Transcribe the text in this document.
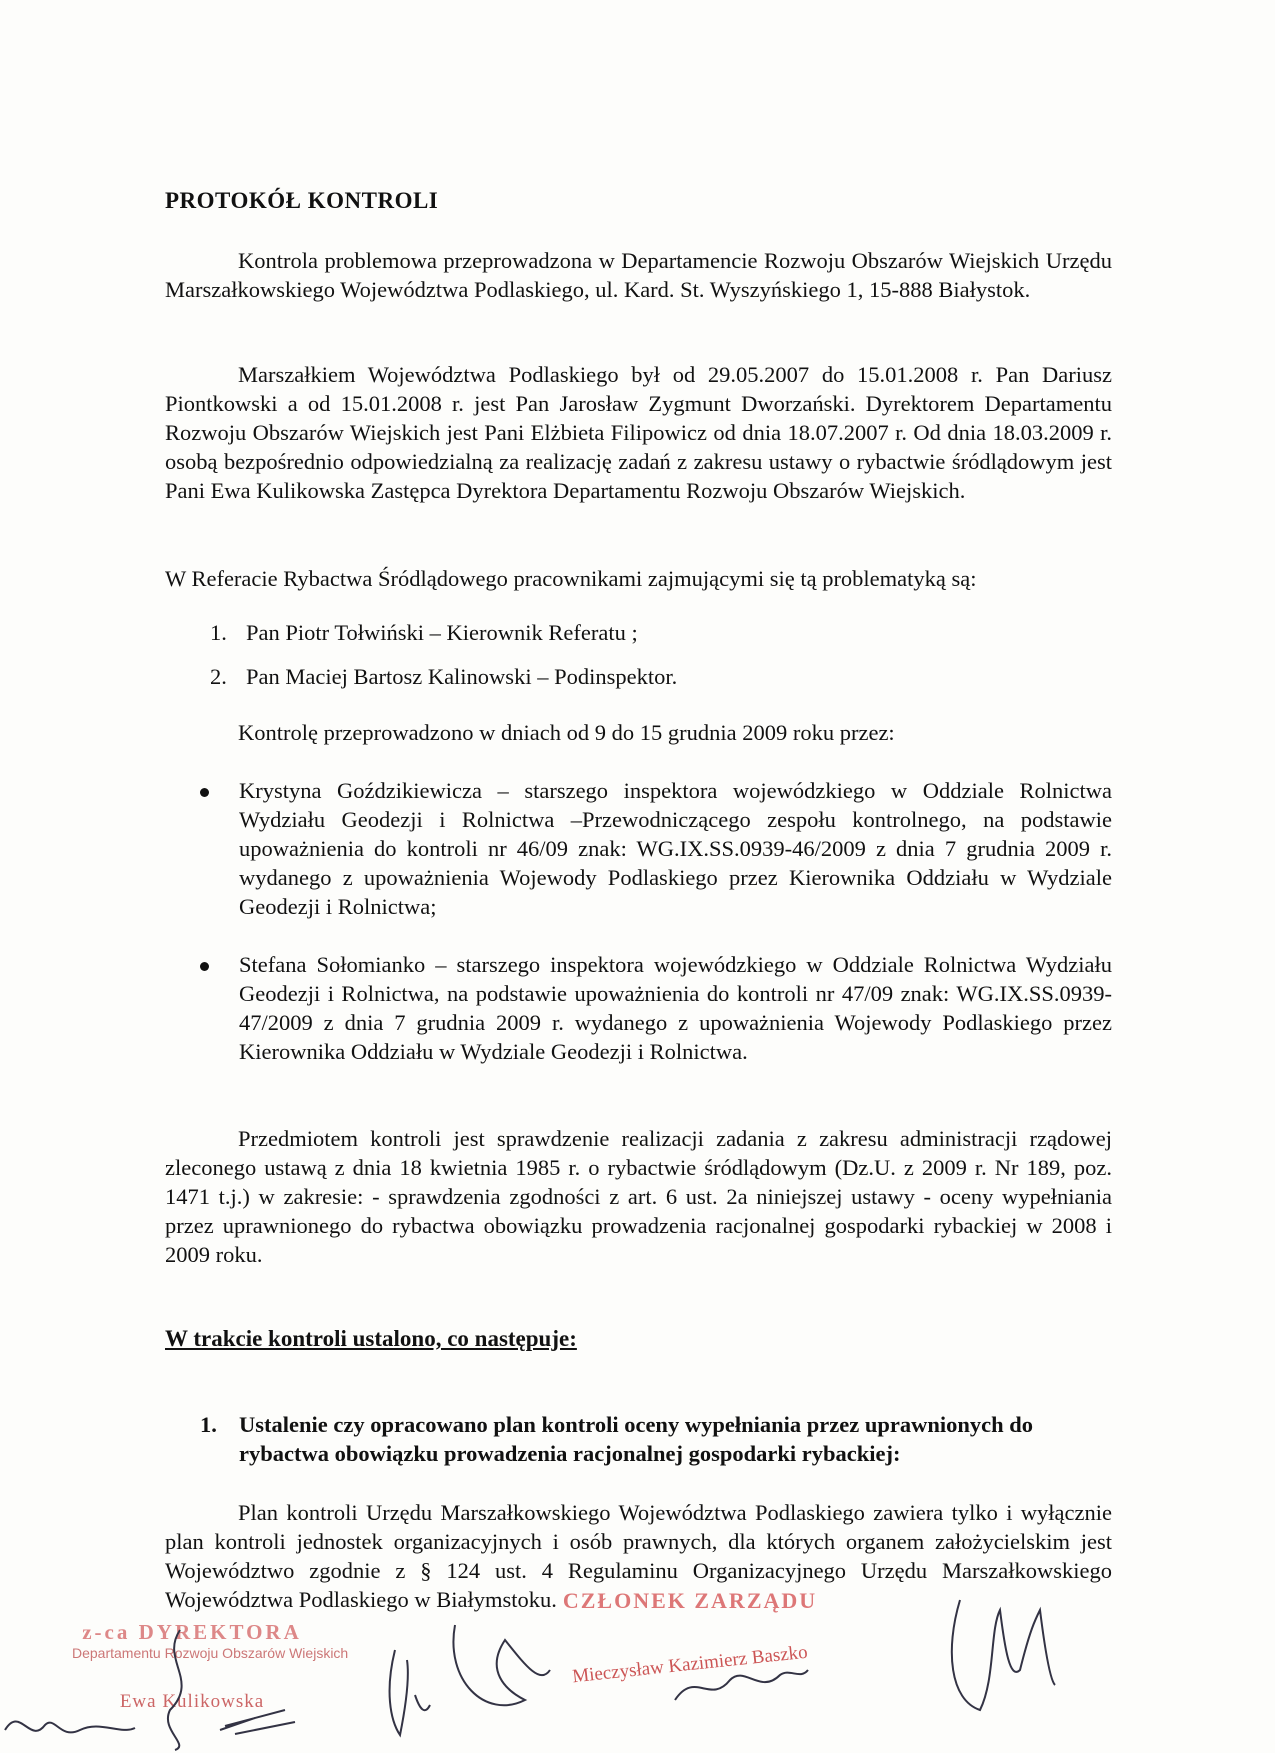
PROTOKÓŁ KONTROLI
Kontrola problemowa przeprowadzona w Departamencie Rozwoju Obszarów Wiejskich Urzędu Marszałkowskiego Województwa Podlaskiego, ul. Kard. St. Wyszyńskiego 1, 15-888 Białystok.
Marszałkiem Województwa Podlaskiego był od 29.05.2007 do 15.01.2008 r. Pan Dariusz Piontkowski a od 15.01.2008 r. jest Pan Jarosław Zygmunt Dworzański. Dyrektorem Departamentu Rozwoju Obszarów Wiejskich jest Pani Elżbieta Filipowicz od dnia 18.07.2007 r. Od dnia 18.03.2009 r. osobą bezpośrednio odpowiedzialną za realizację zadań z zakresu ustawy o rybactwie śródlądowym jest Pani Ewa Kulikowska Zastępca Dyrektora Departamentu Rozwoju Obszarów Wiejskich.
W Referacie Rybactwa Śródlądowego pracownikami zajmującymi się tą problematyką są:
1. Pan Piotr Tołwiński – Kierownik Referatu ;
2. Pan Maciej Bartosz Kalinowski – Podinspektor.
Kontrolę przeprowadzono w dniach od 9 do 15 grudnia 2009 roku przez:
Krystyna Goździkiewicza – starszego inspektora wojewódzkiego w Oddziale Rolnictwa Wydziału Geodezji i Rolnictwa –Przewodniczącego zespołu kontrolnego, na podstawie upoważnienia do kontroli nr 46/09 znak: WG.IX.SS.0939-46/2009 z dnia 7 grudnia 2009 r. wydanego z upoważnienia Wojewody Podlaskiego przez Kierownika Oddziału w Wydziale Geodezji i Rolnictwa;
Stefana Sołomianko – starszego inspektora wojewódzkiego w Oddziale Rolnictwa Wydziału Geodezji i Rolnictwa, na podstawie upoważnienia do kontroli nr 47/09 znak: WG.IX.SS.0939-47/2009 z dnia 7 grudnia 2009 r. wydanego z upoważnienia Wojewody Podlaskiego przez Kierownika Oddziału w Wydziale Geodezji i Rolnictwa.
Przedmiotem kontroli jest sprawdzenie realizacji zadania z zakresu administracji rządowej zleconego ustawą z dnia 18 kwietnia 1985 r. o rybactwie śródlądowym (Dz.U. z 2009 r. Nr 189, poz. 1471 t.j.) w zakresie: - sprawdzenia zgodności z art. 6 ust. 2a niniejszej ustawy - oceny wypełniania przez uprawnionego do rybactwa obowiązku prowadzenia racjonalnej gospodarki rybackiej w 2008 i 2009 roku.
W trakcie kontroli ustalono, co następuje:
1. Ustalenie czy opracowano plan kontroli oceny wypełniania przez uprawnionych do rybactwa obowiązku prowadzenia racjonalnej gospodarki rybackiej:
Plan kontroli Urzędu Marszałkowskiego Województwa Podlaskiego zawiera tylko i wyłącznie plan kontroli jednostek organizacyjnych i osób prawnych, dla których organem założycielskim jest Województwo zgodnie z § 124 ust. 4 Regulaminu Organizacyjnego Urzędu Marszałkowskiego Województwa Podlaskiego w Białymstoku.
z-ca DYREKTORA
Departamentu Rozwoju Obszarów Wiejskich
Ewa Kulikowska
CZŁONEK ZARZĄDU
Mieczysław Kazimierz Baszko
